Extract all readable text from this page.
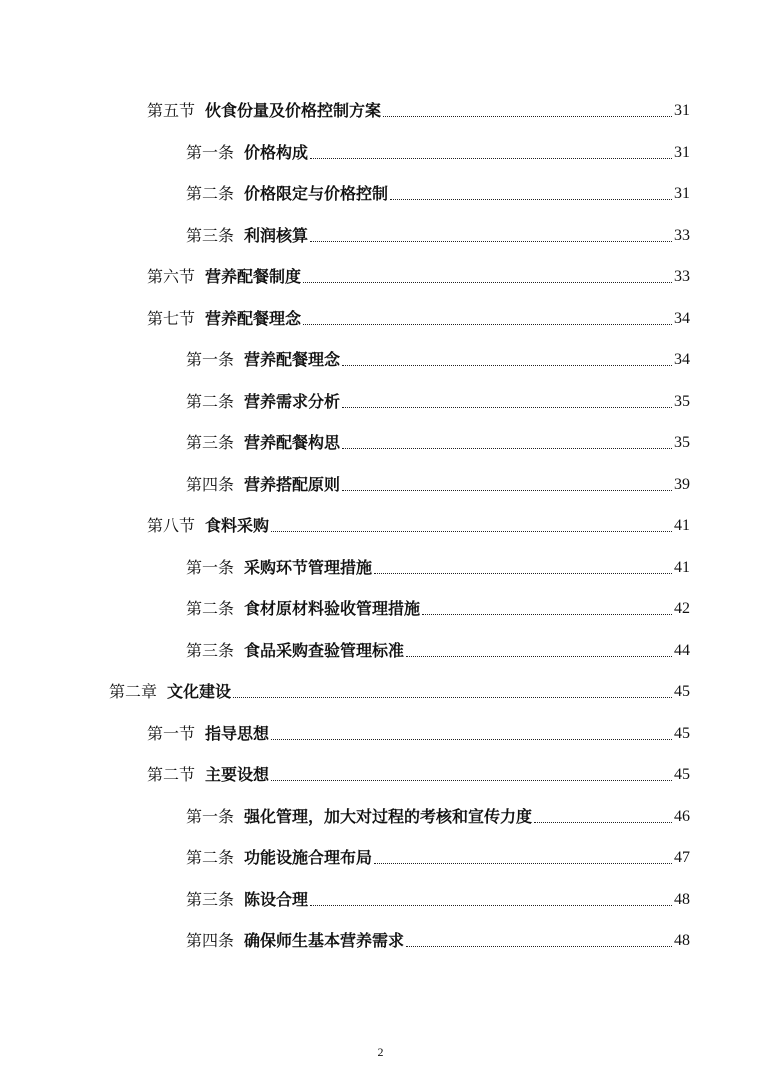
第五节 伙食份量及价格控制方案	31
第一条 价格构成	31
第二条 价格限定与价格控制	31
第三条 利润核算	33
第六节 营养配餐制度	33
第七节 营养配餐理念	34
第一条 营养配餐理念	34
第二条 营养需求分析	35
第三条 营养配餐构思	35
第四条 营养搭配原则	39
第八节 食料采购	41
第一条 采购环节管理措施	41
第二条 食材原材料验收管理措施	42
第三条 食品采购查验管理标准	44
第二章 文化建设	45
第一节 指导思想	45
第二节 主要设想	45
第一条 强化管理，加大对过程的考核和宣传力度	46
第二条 功能设施合理布局	47
第三条 陈设合理	48
第四条 确保师生基本营养需求	48
2
